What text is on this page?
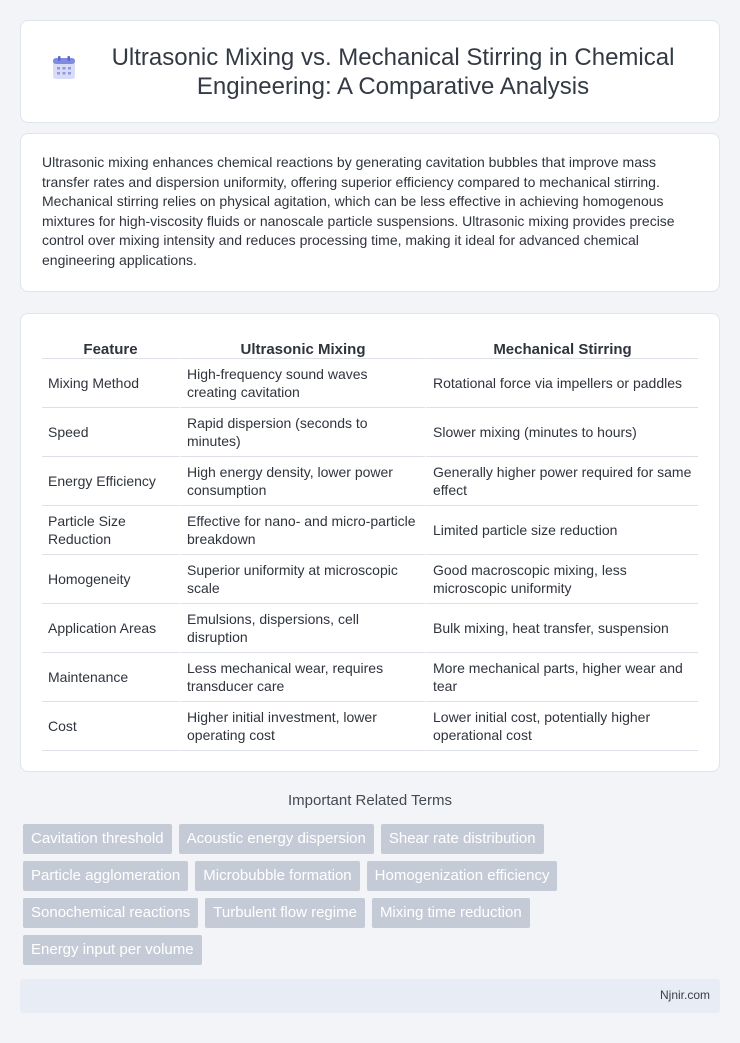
Ultrasonic Mixing vs. Mechanical Stirring in Chemical Engineering: A Comparative Analysis

Ultrasonic mixing enhances chemical reactions by generating cavitation bubbles that improve mass transfer rates and dispersion uniformity, offering superior efficiency compared to mechanical stirring. Mechanical stirring relies on physical agitation, which can be less effective in achieving homogenous mixtures for high-viscosity fluids or nanoscale particle suspensions. Ultrasonic mixing provides precise control over mixing intensity and reduces processing time, making it ideal for advanced chemical engineering applications.

Feature	Ultrasonic Mixing	Mechanical Stirring
Mixing Method	High-frequency sound waves creating cavitation	Rotational force via impellers or paddles
Speed	Rapid dispersion (seconds to minutes)	Slower mixing (minutes to hours)
Energy Efficiency	High energy density, lower power consumption	Generally higher power required for same effect
Particle Size Reduction	Effective for nano- and micro-particle breakdown	Limited particle size reduction
Homogeneity	Superior uniformity at microscopic scale	Good macroscopic mixing, less microscopic uniformity
Application Areas	Emulsions, dispersions, cell disruption	Bulk mixing, heat transfer, suspension
Maintenance	Less mechanical wear, requires transducer care	More mechanical parts, higher wear and tear
Cost	Higher initial investment, lower operating cost	Lower initial cost, potentially higher operational cost
Important Related Terms
Cavitation threshold	Acoustic energy dispersion	Shear rate distribution
Particle agglomeration	Microbubble formation	Homogenization efficiency
Sonochemical reactions	Turbulent flow regime	Mixing time reduction
Energy input per volume
Njnir.com
